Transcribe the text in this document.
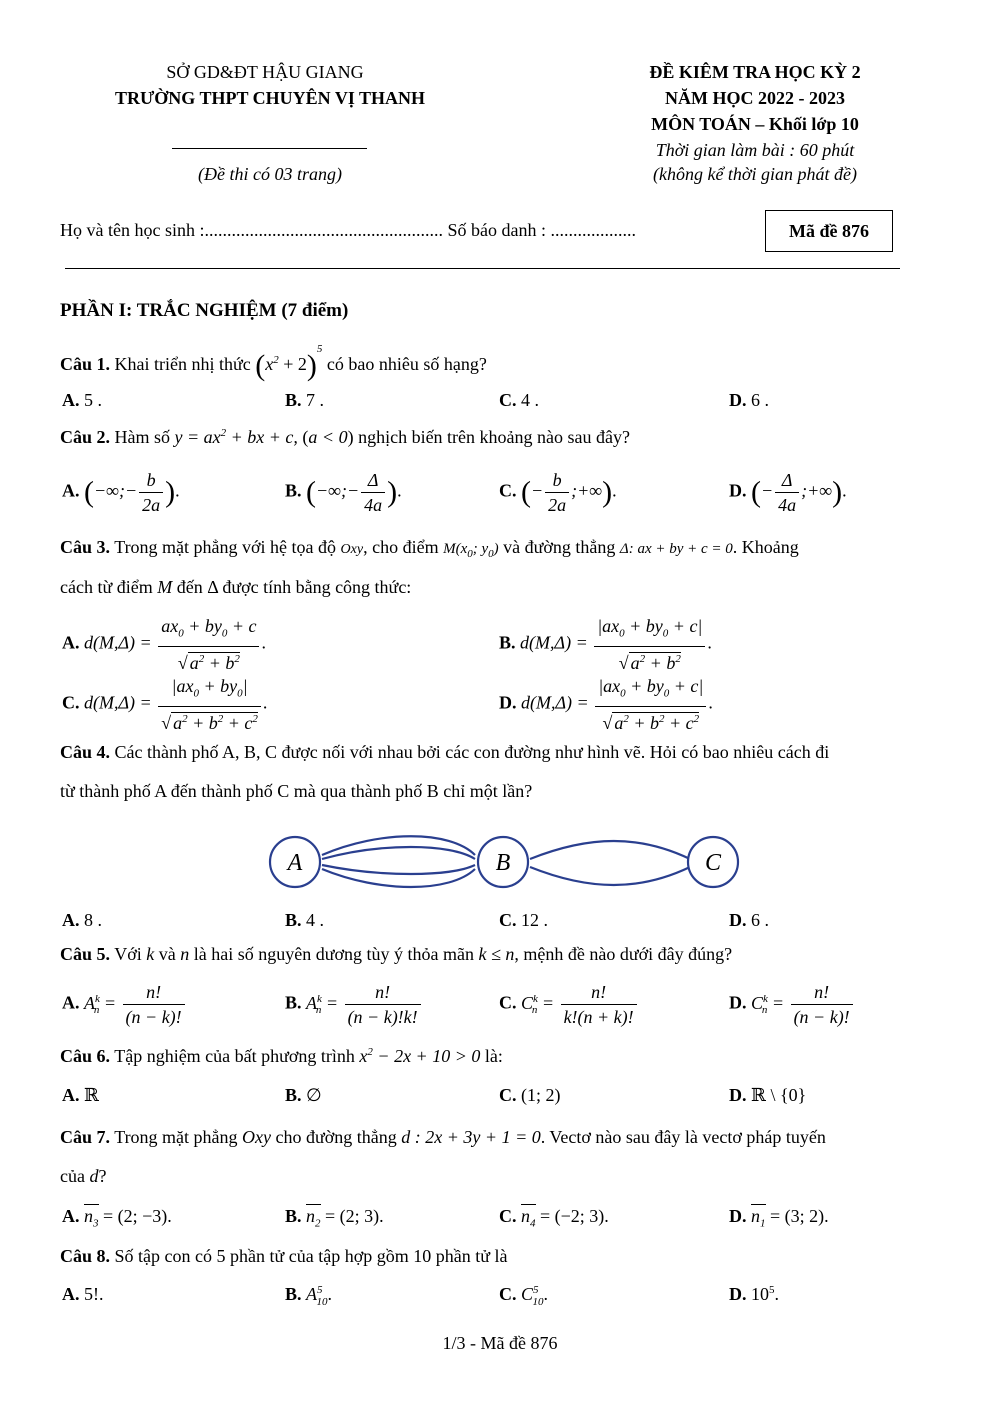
SỞ GD&ĐT HẬU GIANG
TRƯỜNG THPT CHUYÊN VỊ THANH
(Đề thi có 03 trang)
ĐỀ KIÊM TRA HỌC KỲ 2
NĂM HỌC 2022 - 2023
MÔN TOÁN – Khối lớp 10
Thời gian làm bài : 60 phút
(không kể thời gian phát đề)
Họ và tên học sinh :..................................................... Số báo danh : ...................	Mã đề 876
PHẦN I: TRẮC NGHIỆM (7 điểm)
Câu 1. Khai triển nhị thức $(x^2 + 2)^5$ có bao nhiêu số hạng?
A. 5 .	B. 7 .	C. 4 .	D. 6 .
Câu 2. Hàm số $y = ax^2$ + bx + c, (a < 0) nghịch biến trên khoảng nào sau đây?
A. (−∞;− $\frac{b}{2a}$ ).	B. (−∞;− $\frac{\Delta}{4a}$ ).	C. (− $\frac{b}{2a}$ ;+∞).	D. (− $\frac{\Delta}{4a}$ ;+∞).
Câu 3. Trong mặt phẳng với hệ tọa độ Oxy, cho điểm $M(x_0$; $y_0$) và đường thẳng Δ: ax + by + c = 0. Khoảng
cách từ điểm M đến Δ được tính bằng công thức:
A. $d(M,\Delta) = \frac{ax_0 + by_0 + c}{√ a^2 + b^2}$ .	B. $d(M,\Delta) = \frac{|ax_0 + by_0 + c|}{√ a^2 + b^2}$ .
C. $d(M,\Delta) = \frac{|ax_0 + by_0|}{√ a^2 + b^2 + c^2}$ .	D. $d(M,\Delta) = \frac{|ax_0 + by_0 + c|}{√ a^2 + b^2 + c^2}$ .
Câu 4. Các thành phố A, B, C được nối với nhau bởi các con đường như hình vẽ. Hỏi có bao nhiêu cách đi
từ thành phố A đến thành phố C mà qua thành phố B chỉ một lần?
A	B	C
A. 8 .	B. 4 .	C. 12 .	D. 6 .
Câu 5. Với k và n là hai số nguyên dương tùy ý thỏa mãn k ≤ n, mệnh đề nào dưới đây đúng?
A. $A^k_n = \frac{n!}{(n - k)!}$	B. $A^k_n = \frac{n!}{(n - k)!k!}$	C. $C^k_n = \frac{n!}{k!(n + k)!}$	D. $C^k_n = \frac{n!}{(n - k)!}$
Câu 6. Tập nghiệm của bất phương trình $x^2 - 2x + 10 > 0$ là:
A. ℝ	B. ∅	C. (1; 2)	D. ℝ \ {0}
Câu 7. Trong mặt phẳng Oxy cho đường thẳng d : 2x + 3y + 1 = 0. Vectơ nào sau đây là vectơ pháp tuyến
của d?
A. $n_3 = (2$; −3).	B. $n_2 = (2$; 3).	C. $n_4 = (-2$; 3).	D. $n_1 = (3$; 2).
Câu 8. Số tập con có 5 phần tử của tập hợp gồm 10 phần tử là
A. 5!.	B. $A^5_{10}$.	C. $C^5_{10}$.	D. $10^5$.
1/3 - Mã đề 876
